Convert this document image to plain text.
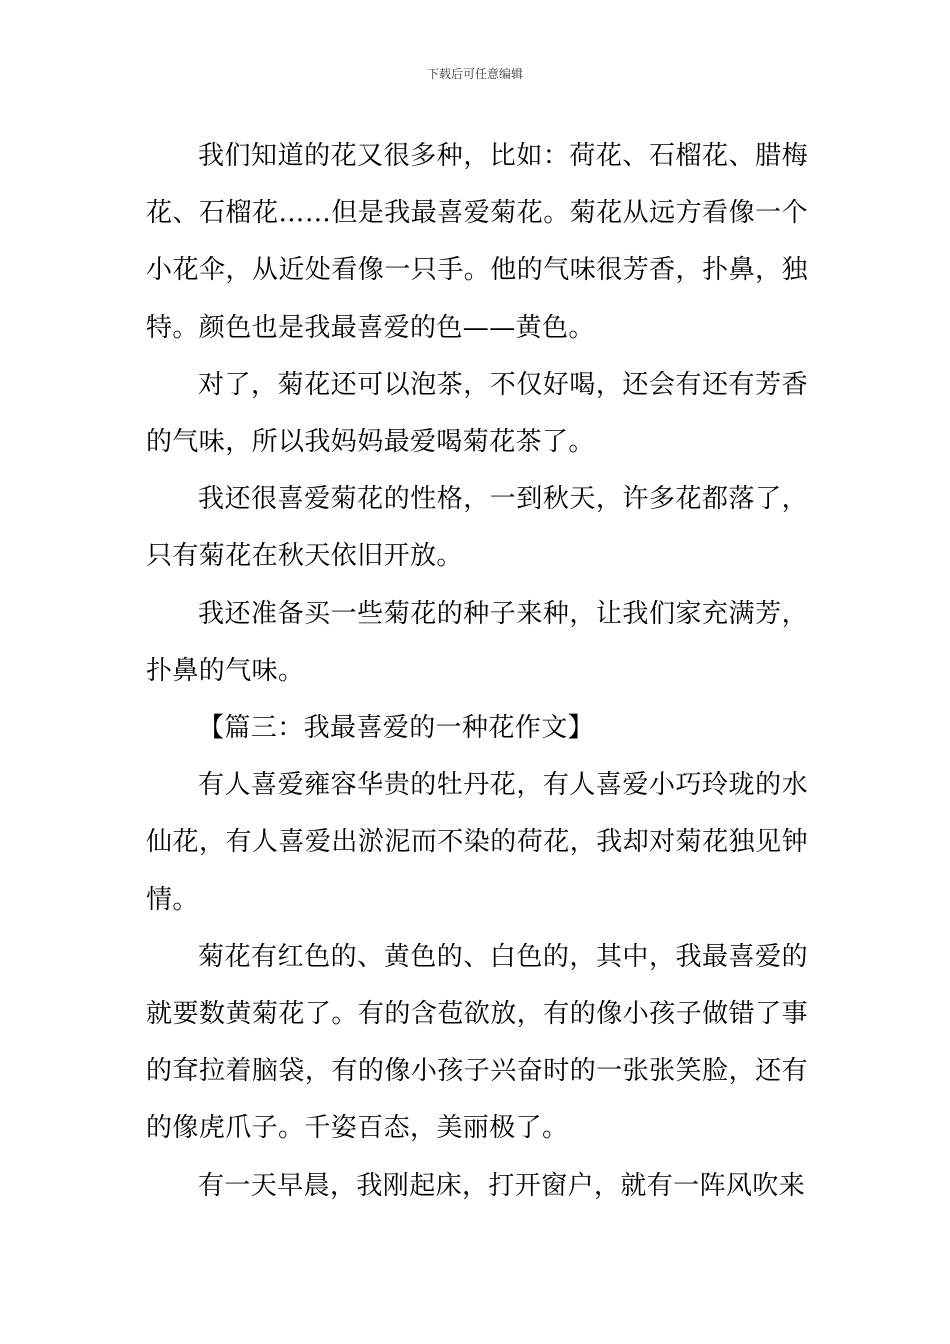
下载后可任意编辑

我们知道的花又很多种，比如：荷花、石榴花、腊梅花、石榴花……但是我最喜爱菊花。菊花从远方看像一个小花伞，从近处看像一只手。他的气味很芳香，扑鼻，独特。颜色也是我最喜爱的色——黄色。

对了，菊花还可以泡茶，不仅好喝，还会有还有芳香的气味，所以我妈妈最爱喝菊花茶了。

我还很喜爱菊花的性格，一到秋天，许多花都落了，只有菊花在秋天依旧开放。

我还准备买一些菊花的种子来种，让我们家充满芳，扑鼻的气味。

【篇三：我最喜爱的一种花作文】

有人喜爱雍容华贵的牡丹花，有人喜爱小巧玲珑的水仙花，有人喜爱出淤泥而不染的荷花，我却对菊花独见钟情。

菊花有红色的、黄色的、白色的，其中，我最喜爱的就要数黄菊花了。有的含苞欲放，有的像小孩子做错了事的耷拉着脑袋，有的像小孩子兴奋时的一张张笑脸，还有的像虎爪子。千姿百态，美丽极了。

有一天早晨，我刚起床，打开窗户，就有一阵风吹来
